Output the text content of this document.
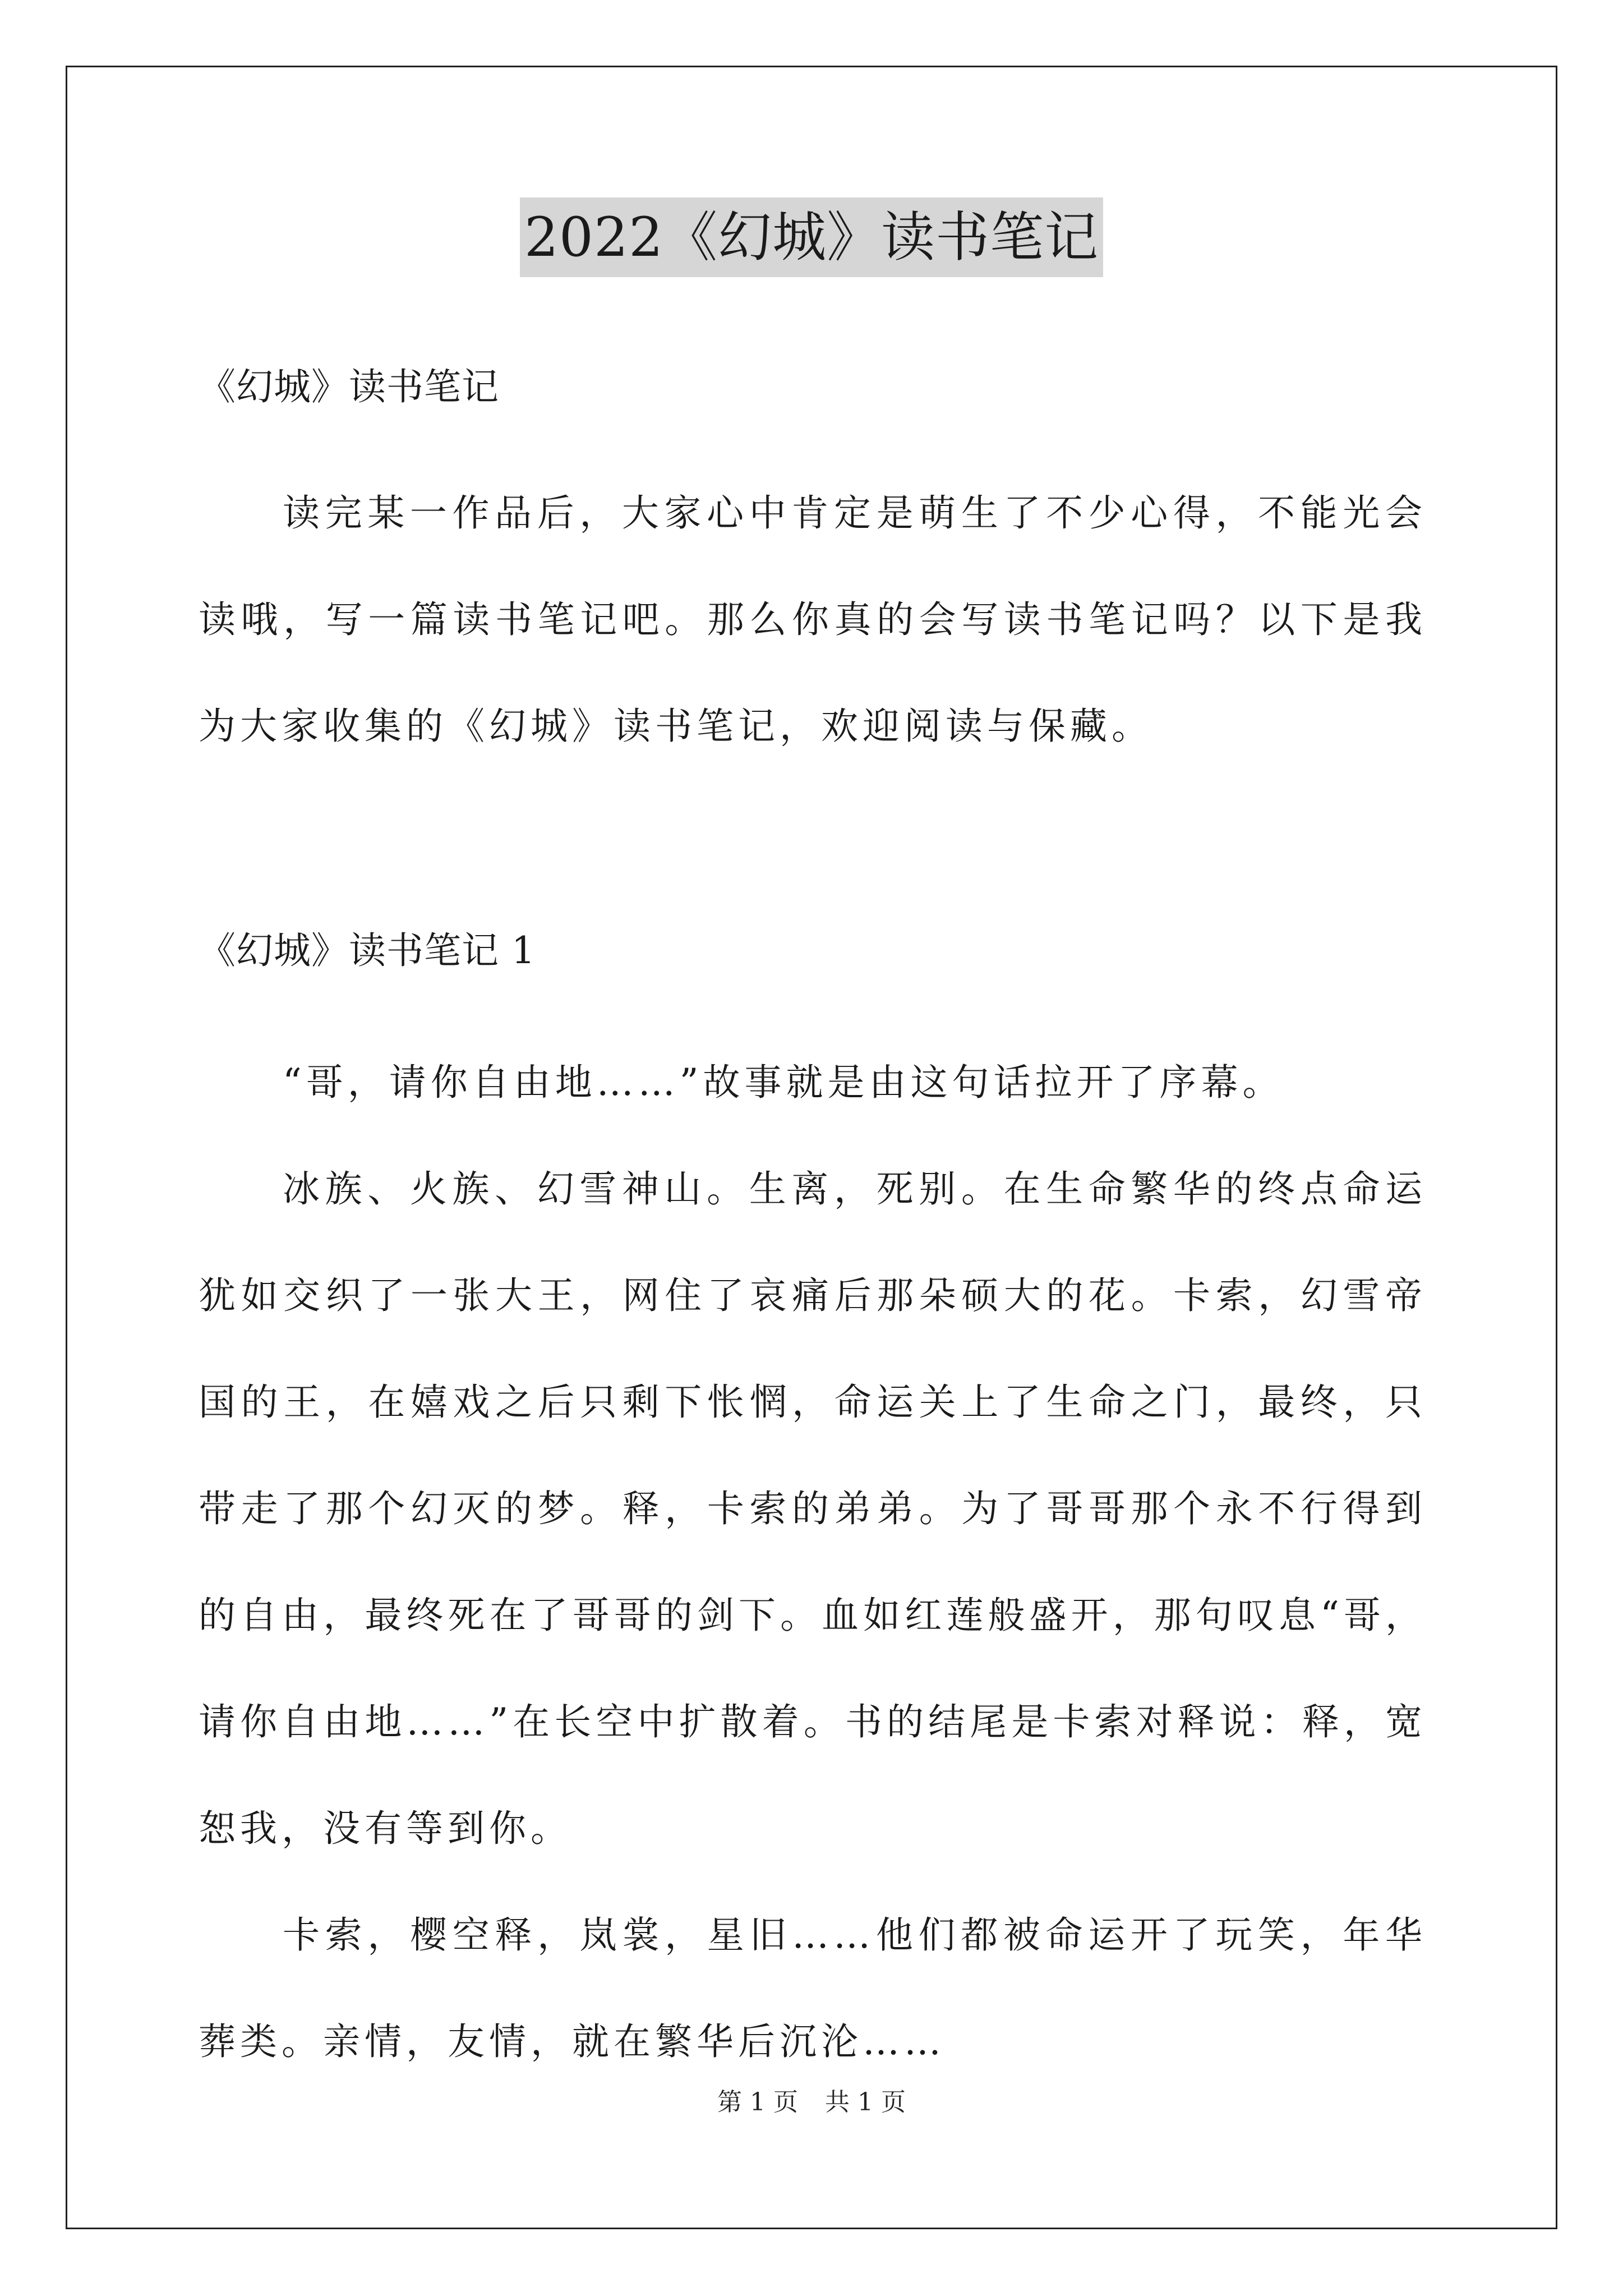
2022《幻城》读书笔记

《幻城》读书笔记

读完某一作品后，大家心中肯定是萌生了不少心得，不能光会读哦，写一篇读书笔记吧。那么你真的会写读书笔记吗？以下是我为大家收集的《幻城》读书笔记，欢迎阅读与保藏。

《幻城》读书笔记 1

“哥，请你自由地……”故事就是由这句话拉开了序幕。

冰族、火族、幻雪神山。生离，死别。在生命繁华的终点命运犹如交织了一张大王，网住了哀痛后那朵硕大的花。卡索，幻雪帝国的王，在嬉戏之后只剩下怅惘，命运关上了生命之门，最终，只带走了那个幻灭的梦。释，卡索的弟弟。为了哥哥那个永不行得到的自由，最终死在了哥哥的剑下。血如红莲般盛开，那句叹息“哥，请你自由地……”在长空中扩散着。书的结尾是卡索对释说：释，宽恕我，没有等到你。

卡索，樱空释，岚裳，星旧……他们都被命运开了玩笑，年华葬类。亲情，友情，就在繁华后沉沦……

第 1 页 共 1 页
